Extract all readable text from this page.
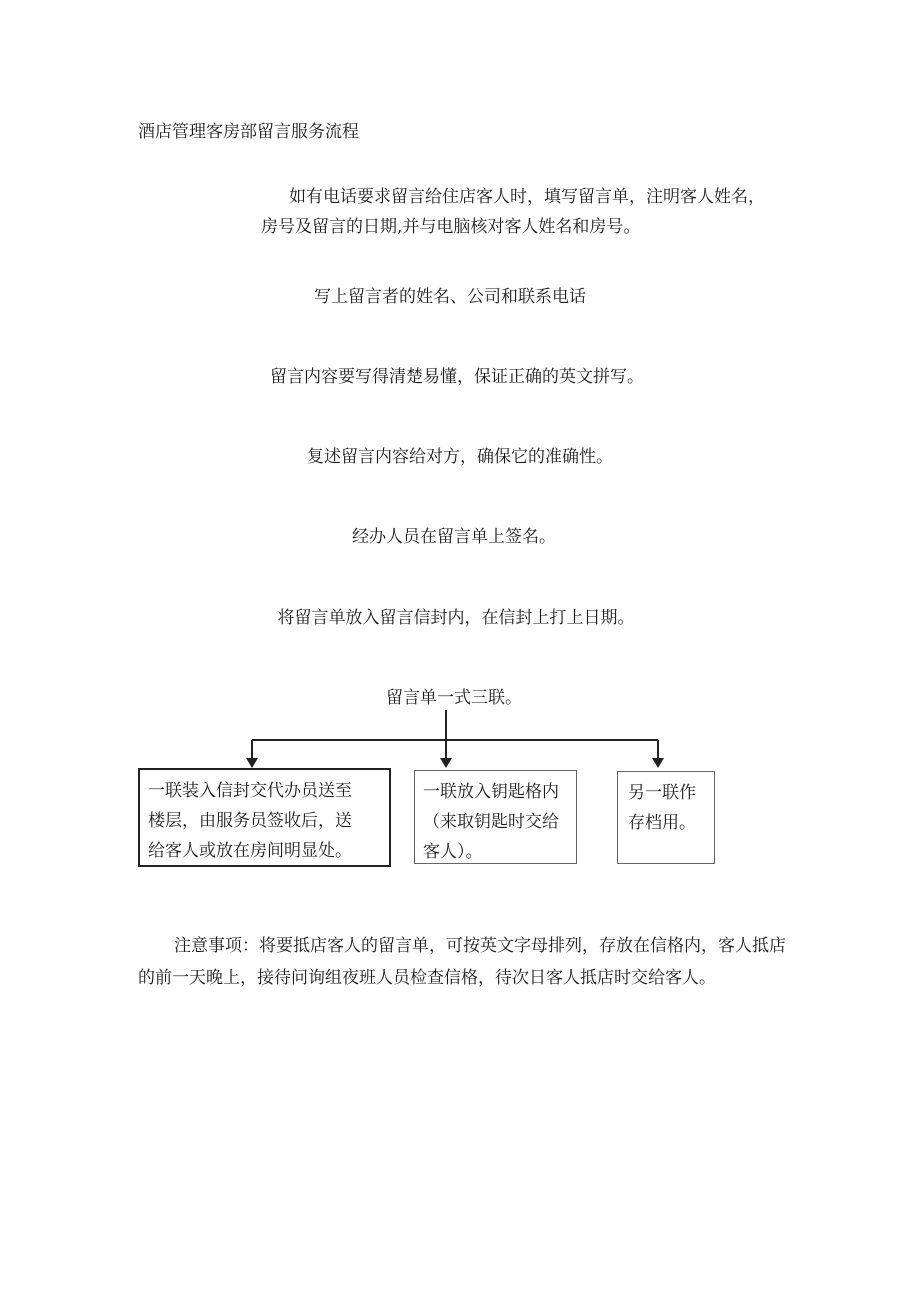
酒店管理客房部留言服务流程
如有电话要求留言给住店客人时，填写留言单，注明客人姓名，
房号及留言的日期,并与电脑核对客人姓名和房号。
写上留言者的姓名、公司和联系电话
留言内容要写得清楚易懂，保证正确的英文拼写。
复述留言内容给对方，确保它的准确性。
经办人员在留言单上签名。
将留言单放入留言信封内，在信封上打上日期。
留言单一式三联。
一联装入信封交代办员送至
楼层，由服务员签收后，送
给客人或放在房间明显处。
一联放入钥匙格内
（来取钥匙时交给
客人）。
另一联作
存档用。
注意事项：将要抵店客人的留言单，可按英文字母排列，存放在信格内，客人抵店
的前一天晚上，接待问询组夜班人员检查信格，待次日客人抵店时交给客人。
